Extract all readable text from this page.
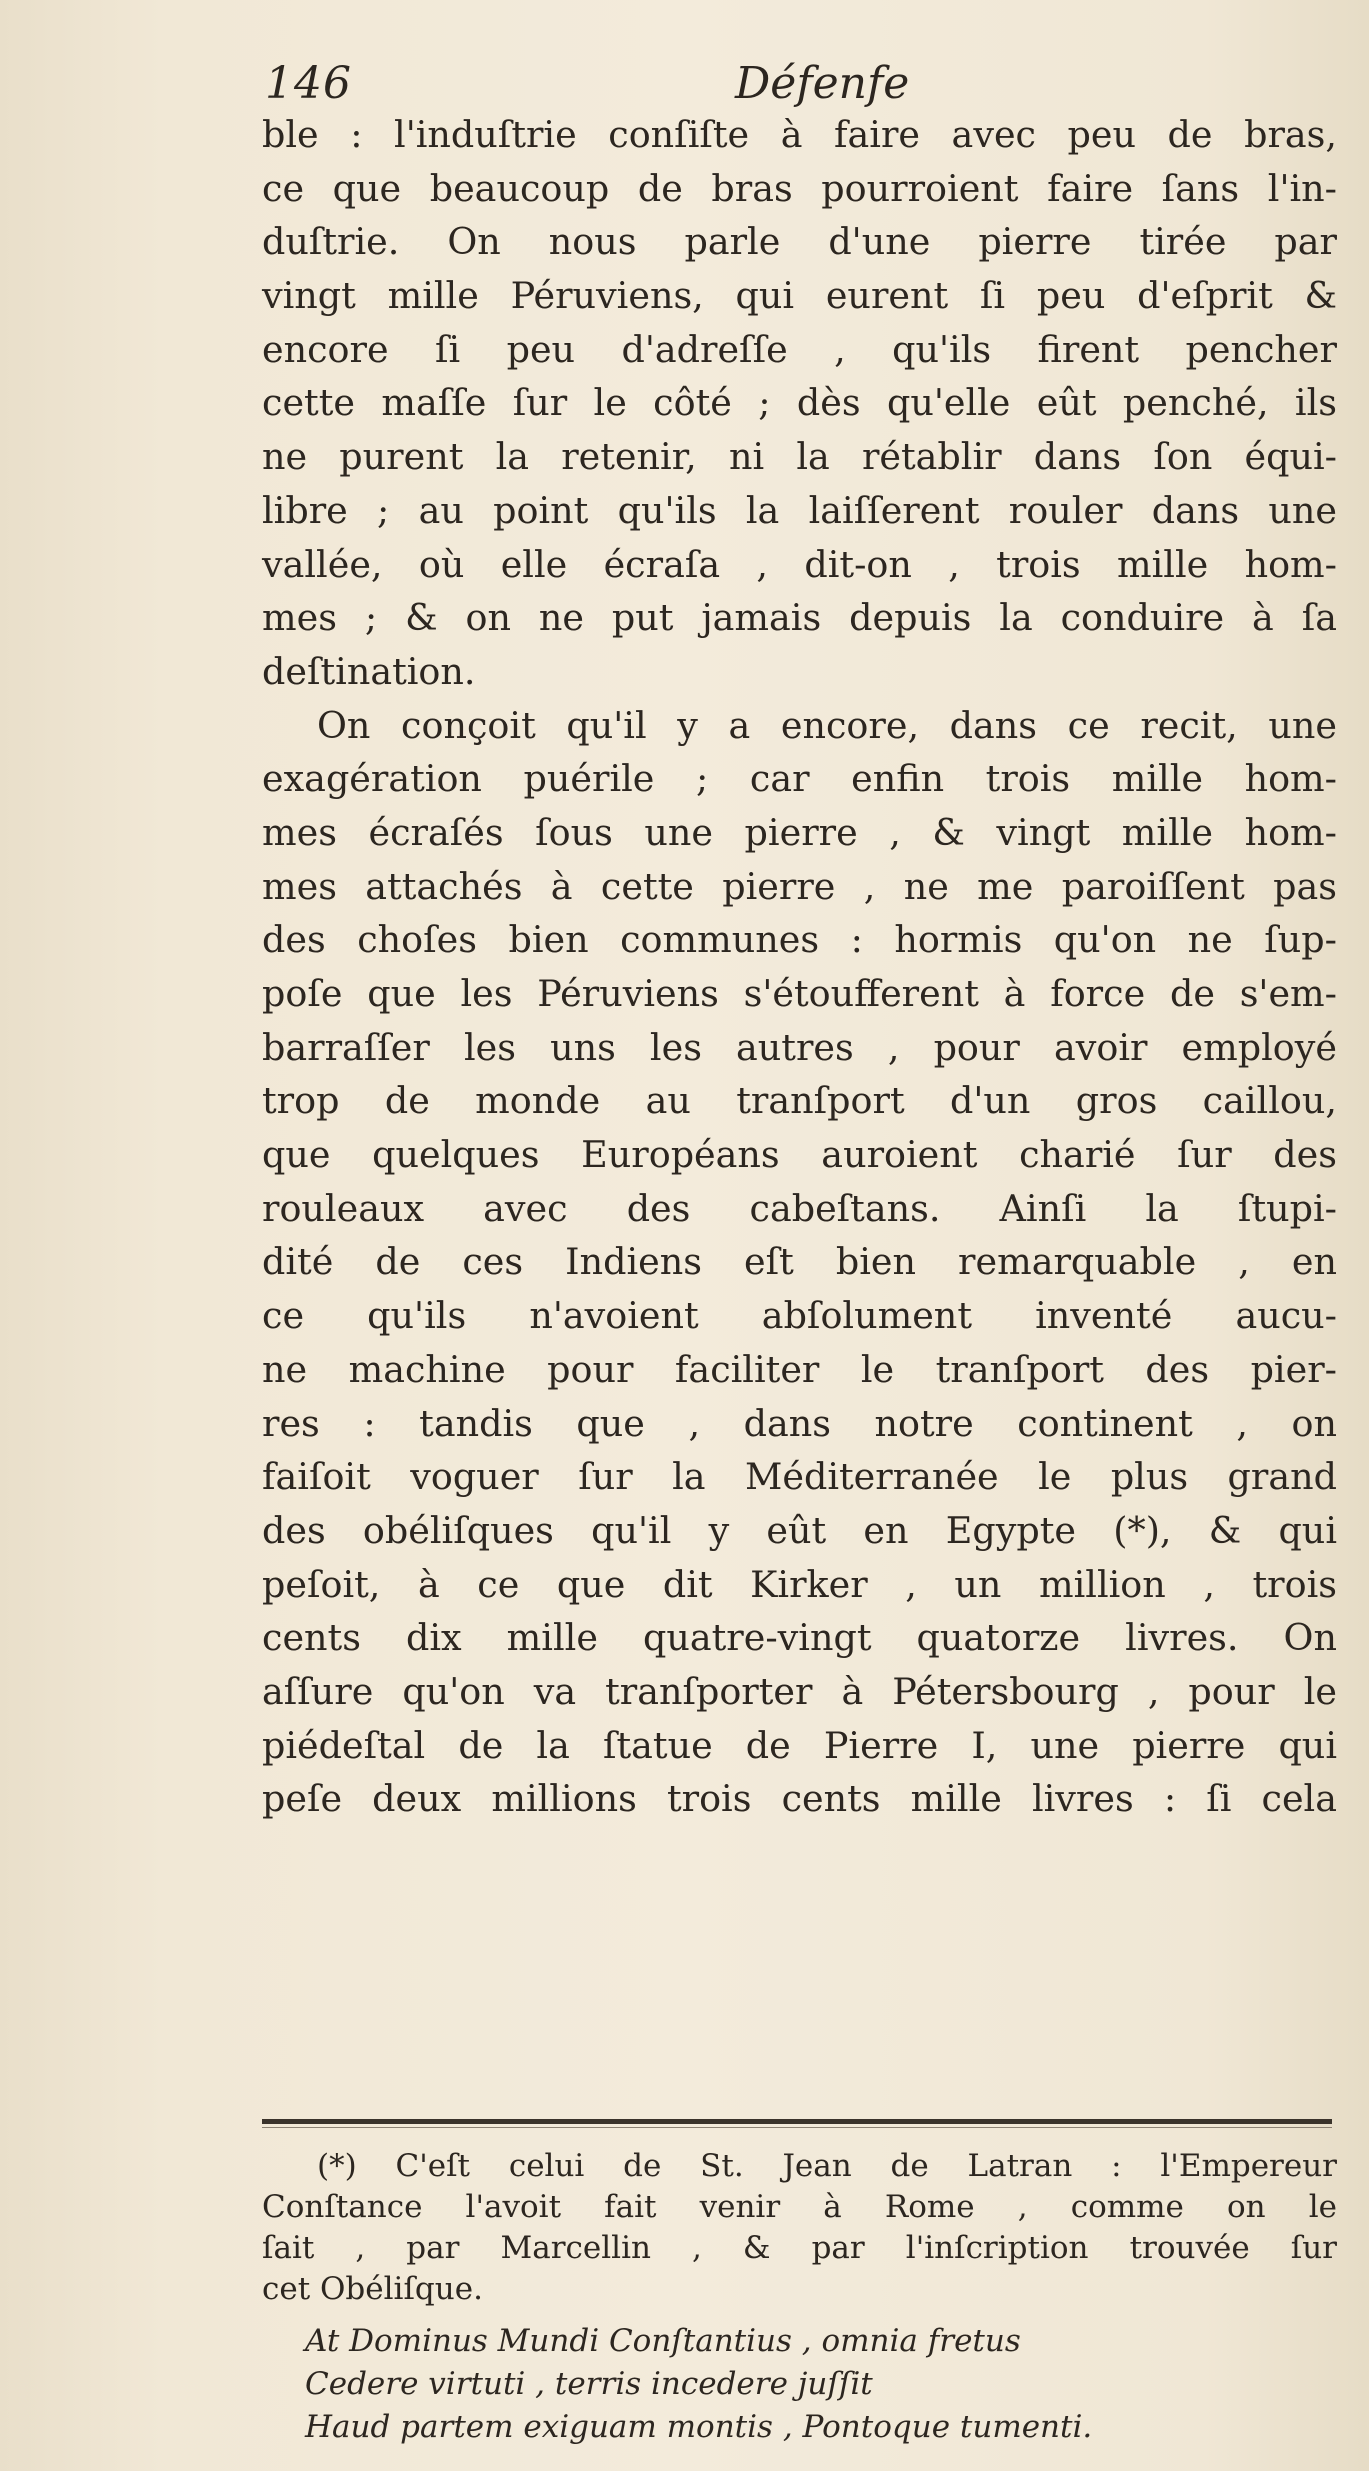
146	Défenfe
ble : l'induſtrie conſiſte à faire avec peu de bras,
ce que beaucoup de bras pourroient faire ſans l'in-
duſtrie. On nous parle d'une pierre tirée par
vingt mille Péruviens, qui eurent ſi peu d'eſprit &
encore ſi peu d'adreſſe , qu'ils firent pencher
cette maſſe ſur le côté ; dès qu'elle eût penché, ils
ne purent la retenir, ni la rétablir dans ſon équi-
libre ; au point qu'ils la laiſſerent rouler dans une
vallée, où elle écraſa , dit-on , trois mille hom-
mes ; & on ne put jamais depuis la conduire à ſa
deſtination.
On conçoit qu'il y a encore, dans ce recit, une
exagération puérile ; car enfin trois mille hom-
mes écraſés ſous une pierre , & vingt mille hom-
mes attachés à cette pierre , ne me paroiſſent pas
des choſes bien communes : hormis qu'on ne ſup-
poſe que les Péruviens s'étoufferent à force de s'em-
barraſſer les uns les autres , pour avoir employé
trop de monde au tranſport d'un gros caillou,
que quelques Européans auroient charié ſur des
rouleaux avec des cabeſtans. Ainſi la ſtupi-
dité de ces Indiens eſt bien remarquable , en
ce qu'ils n'avoient abſolument inventé aucu-
ne machine pour faciliter le tranſport des pier-
res : tandis que , dans notre continent , on
faiſoit voguer ſur la Méditerranée le plus grand
des obéliſques qu'il y eût en Egypte (*), & qui
peſoit, à ce que dit Kirker , un million , trois
cents dix mille quatre-vingt quatorze livres. On
aſſure qu'on va tranſporter à Pétersbourg , pour le
piédeſtal de la ſtatue de Pierre I, une pierre qui
peſe deux millions trois cents mille livres : ſi cela
(*) C'eſt celui de St. Jean de Latran : l'Empereur
Conſtance l'avoit fait venir à Rome , comme on le
ſait , par Marcellin , & par l'inſcription trouvée ſur
cet Obéliſque.
At Dominus Mundi Conſtantius , omnia fretus
Cedere virtuti , terris incedere juſſit
Haud partem exiguam montis , Pontoque tumenti.
